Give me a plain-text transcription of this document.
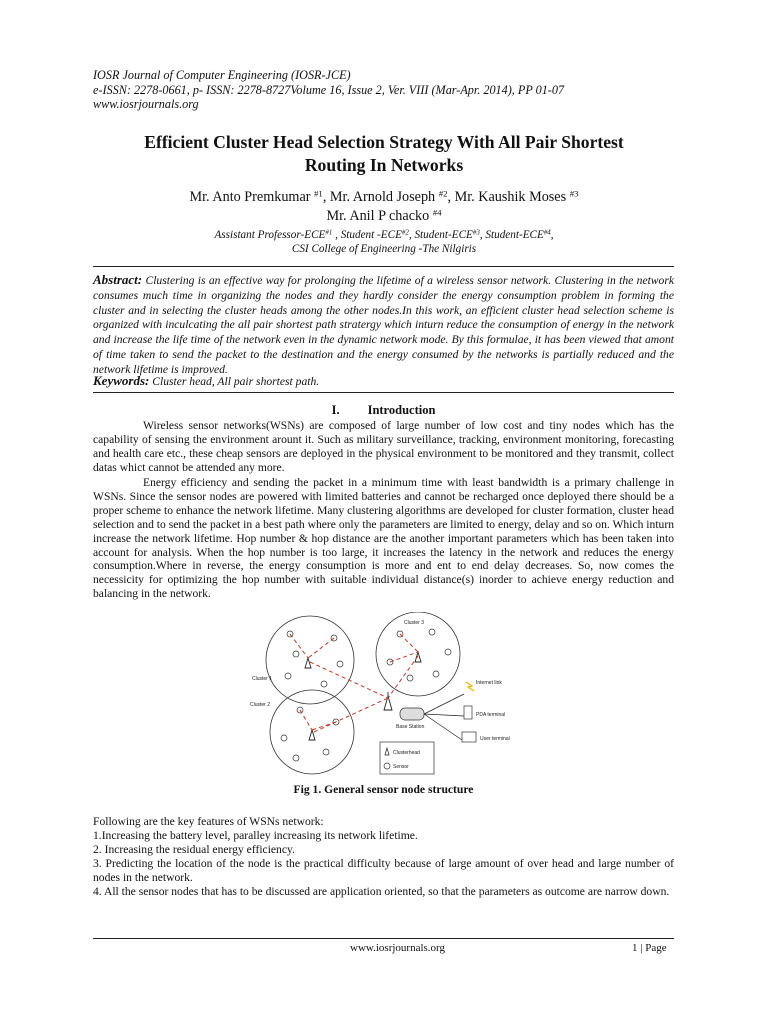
IOSR Journal of Computer Engineering (IOSR-JCE)
e-ISSN: 2278-0661, p- ISSN: 2278-8727Volume 16, Issue 2, Ver. VIII (Mar-Apr. 2014), PP 01-07
www.iosrjournals.org
Efficient Cluster Head Selection Strategy With All Pair Shortest
Routing In Networks
Mr. Anto Premkumar $^{\#1}$, Mr. Arnold Joseph $^{\#2}$, Mr. Kaushik Moses $^{\#3}$
Mr. Anil P chacko $^{\#4}$
Assistant Professor-ECE$^{\#1}$ , Student -ECE$^{\#2}$, Student-ECE$^{\#3}$, Student-ECE$^{\#4}$,
CSI College of Engineering -The Nilgiris
Abstract: Clustering is an effective way for prolonging the lifetime of a wireless sensor network. Clustering in the network consumes much time in organizing the nodes and they hardly consider the energy consumption problem in forming the cluster and in selecting the cluster heads among the other nodes.In this work, an efficient cluster head selection scheme is organized with inculcating the all pair shortest path stratergy which inturn reduce the consumption of energy in the network and increase the life time of the network even in the dynamic network mode. By this formulae, it has been viewed that amont of time taken to send the packet to the destination and the energy consumed by the networks is partially reduced and the network lifetime is improved.
Keywords: Cluster head, All pair shortest path.
I. Introduction
Wireless sensor networks(WSNs) are composed of large number of low cost and tiny nodes which has the capability of sensing the environment arount it. Such as military surveillance, tracking, environment monitoring, forecasting and health care etc., these cheap sensors are deployed in the physical environment to be monitored and they transmit, collect datas whict cannot be attended any more.
Energy efficiency and sending the packet in a minimum time with least bandwidth is a primary challenge in WSNs. Since the sensor nodes are powered with limited batteries and cannot be recharged once deployed there should be a proper scheme to enhance the network lifetime. Many clustering algorithms are developed for cluster formation, cluster head selection and to send the packet in a best path where only the parameters are limited to energy, delay and so on. Which inturn increase the network lifetime. Hop number & hop distance are the another important parameters which has been taken into account for analysis. When the hop number is too large, it increases the latency in the network and reduces the energy consumption.Where in reverse, the energy consumption is more and ent to end delay decreases. So, now comes the necessicity for optimizing the hop number with suitable individual distance(s) inorder to achieve energy reduction and balancing in the network.
Cluster 1
Cluster 2
Cluster 3
Base Station
Internet link
PDA terminal
User terminal
Clusterhead
Sensor
Fig 1. General sensor node structure
Following are the key features of WSNs network:
1.Increasing the battery level, paralley increasing its network lifetime.
2. Increasing the residual energy efficiency.
3. Predicting the location of the node is the practical difficulty because of large amount of over head and large number of nodes in the network.
4. All the sensor nodes that has to be discussed are application oriented, so that the parameters as outcome are narrow down.
www.iosrjournals.org	1 | Page
